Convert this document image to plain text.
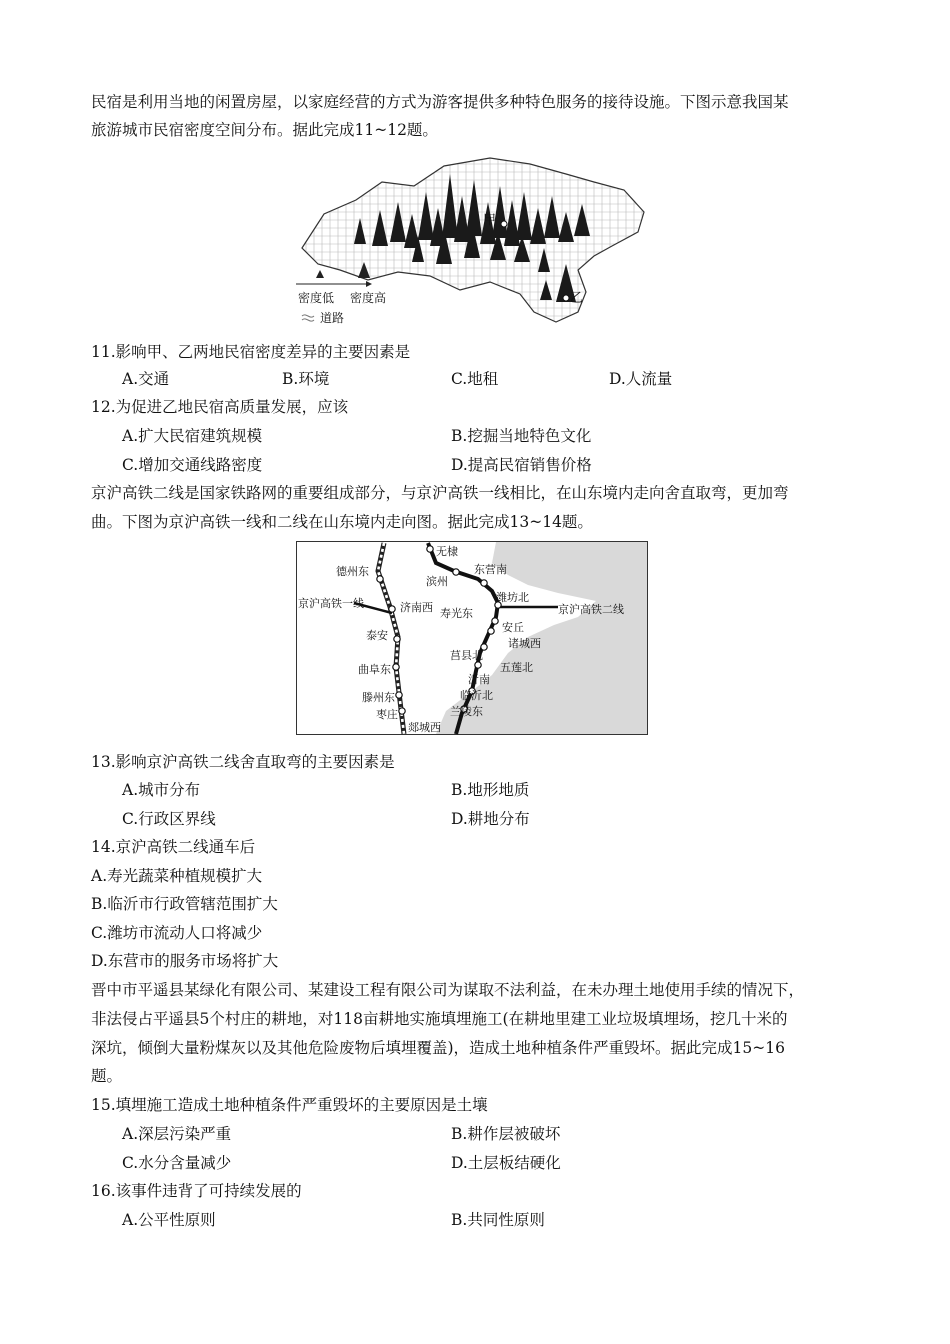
民宿是利用当地的闲置房屋，以家庭经营的方式为游客提供多种特色服务的接待设施。下图示意我国某
旅游城市民宿密度空间分布。据此完成11~12题。
甲
乙
密度低 密度高
道路
11.影响甲、乙两地民宿密度差异的主要因素是
A.交通	B.环境	C.地租	D.人流量
12.为促进乙地民宿高质量发展，应该
A.扩大民宿建筑规模	B.挖掘当地特色文化
C.增加交通线路密度	D.提高民宿销售价格
京沪高铁二线是国家铁路网的重要组成部分，与京沪高铁一线相比，在山东境内走向舍直取弯，更加弯
曲。下图为京沪高铁一线和二线在山东境内走向图。据此完成13~14题。
德州东
京沪高铁一线	济南西
泰安
曲阜东
滕州东
枣庄
无棣
滨州
东营南
寿光东
潍坊北
京沪高铁二线
安丘
诸城西
莒县北
五莲北
沂南
临沂北
兰陵东
郯城西
13.影响京沪高铁二线舍直取弯的主要因素是
A.城市分布	B.地形地质
C.行政区界线	D.耕地分布
14.京沪高铁二线通车后
A.寿光蔬菜种植规模扩大
B.临沂市行政管辖范围扩大
C.潍坊市流动人口将减少
D.东营市的服务市场将扩大
晋中市平遥县某绿化有限公司、某建设工程有限公司为谋取不法利益，在未办理土地使用手续的情况下，
非法侵占平遥县5个村庄的耕地，对118亩耕地实施填埋施工(在耕地里建工业垃圾填埋场，挖几十米的
深坑，倾倒大量粉煤灰以及其他危险废物后填埋覆盖)，造成土地种植条件严重毁坏。据此完成15~16
题。
15.填埋施工造成土地种植条件严重毁坏的主要原因是土壤
A.深层污染严重	B.耕作层被破坏
C.水分含量减少	D.土层板结硬化
16.该事件违背了可持续发展的
A.公平性原则	B.共同性原则
